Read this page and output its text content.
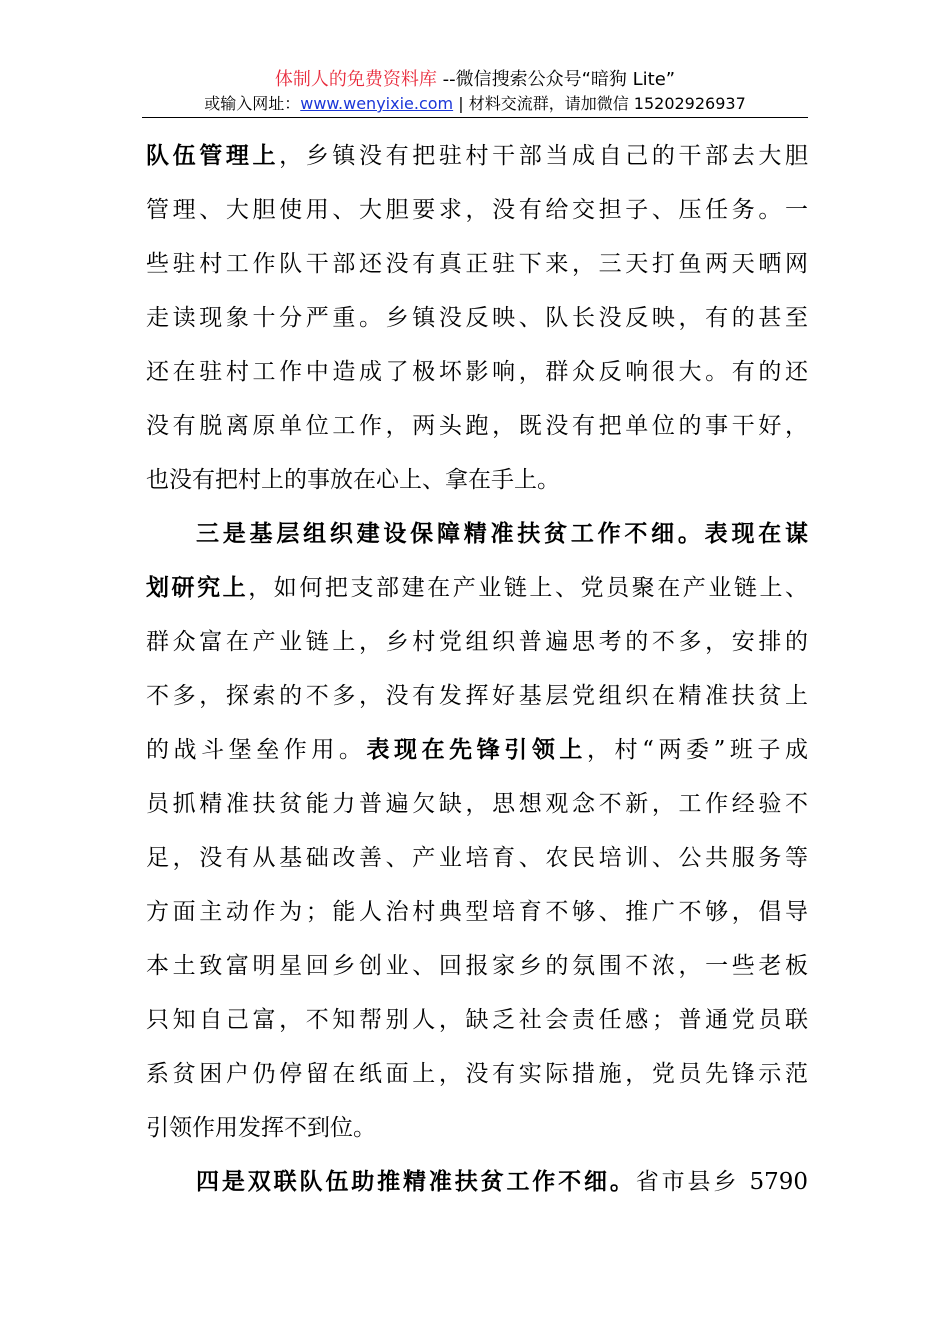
体制人的免费资料库 --微信搜索公众号“暗狗 Lite”
或输入网址：www.wenyixie.com | 材料交流群，请加微信 15202926937
队伍管理上，乡镇没有把驻村干部当成自己的干部去大胆
管理、大胆使用、大胆要求，没有给交担子、压任务。一
些驻村工作队干部还没有真正驻下来，三天打鱼两天晒网
走读现象十分严重。乡镇没反映、队长没反映，有的甚至
还在驻村工作中造成了极坏影响，群众反响很大。有的还
没有脱离原单位工作，两头跑，既没有把单位的事干好，
也没有把村上的事放在心上、拿在手上。
三是基层组织建设保障精准扶贫工作不细。表现在谋
划研究上，如何把支部建在产业链上、党员聚在产业链上、
群众富在产业链上，乡村党组织普遍思考的不多，安排的
不多，探索的不多，没有发挥好基层党组织在精准扶贫上
的战斗堡垒作用。表现在先锋引领上，村“两委”班子成
员抓精准扶贫能力普遍欠缺，思想观念不新，工作经验不
足，没有从基础改善、产业培育、农民培训、公共服务等
方面主动作为；能人治村典型培育不够、推广不够，倡导
本土致富明星回乡创业、回报家乡的氛围不浓，一些老板
只知自己富，不知帮别人，缺乏社会责任感；普通党员联
系贫困户仍停留在纸面上，没有实际措施，党员先锋示范
引领作用发挥不到位。
四是双联队伍助推精准扶贫工作不细。省市县乡 5790
